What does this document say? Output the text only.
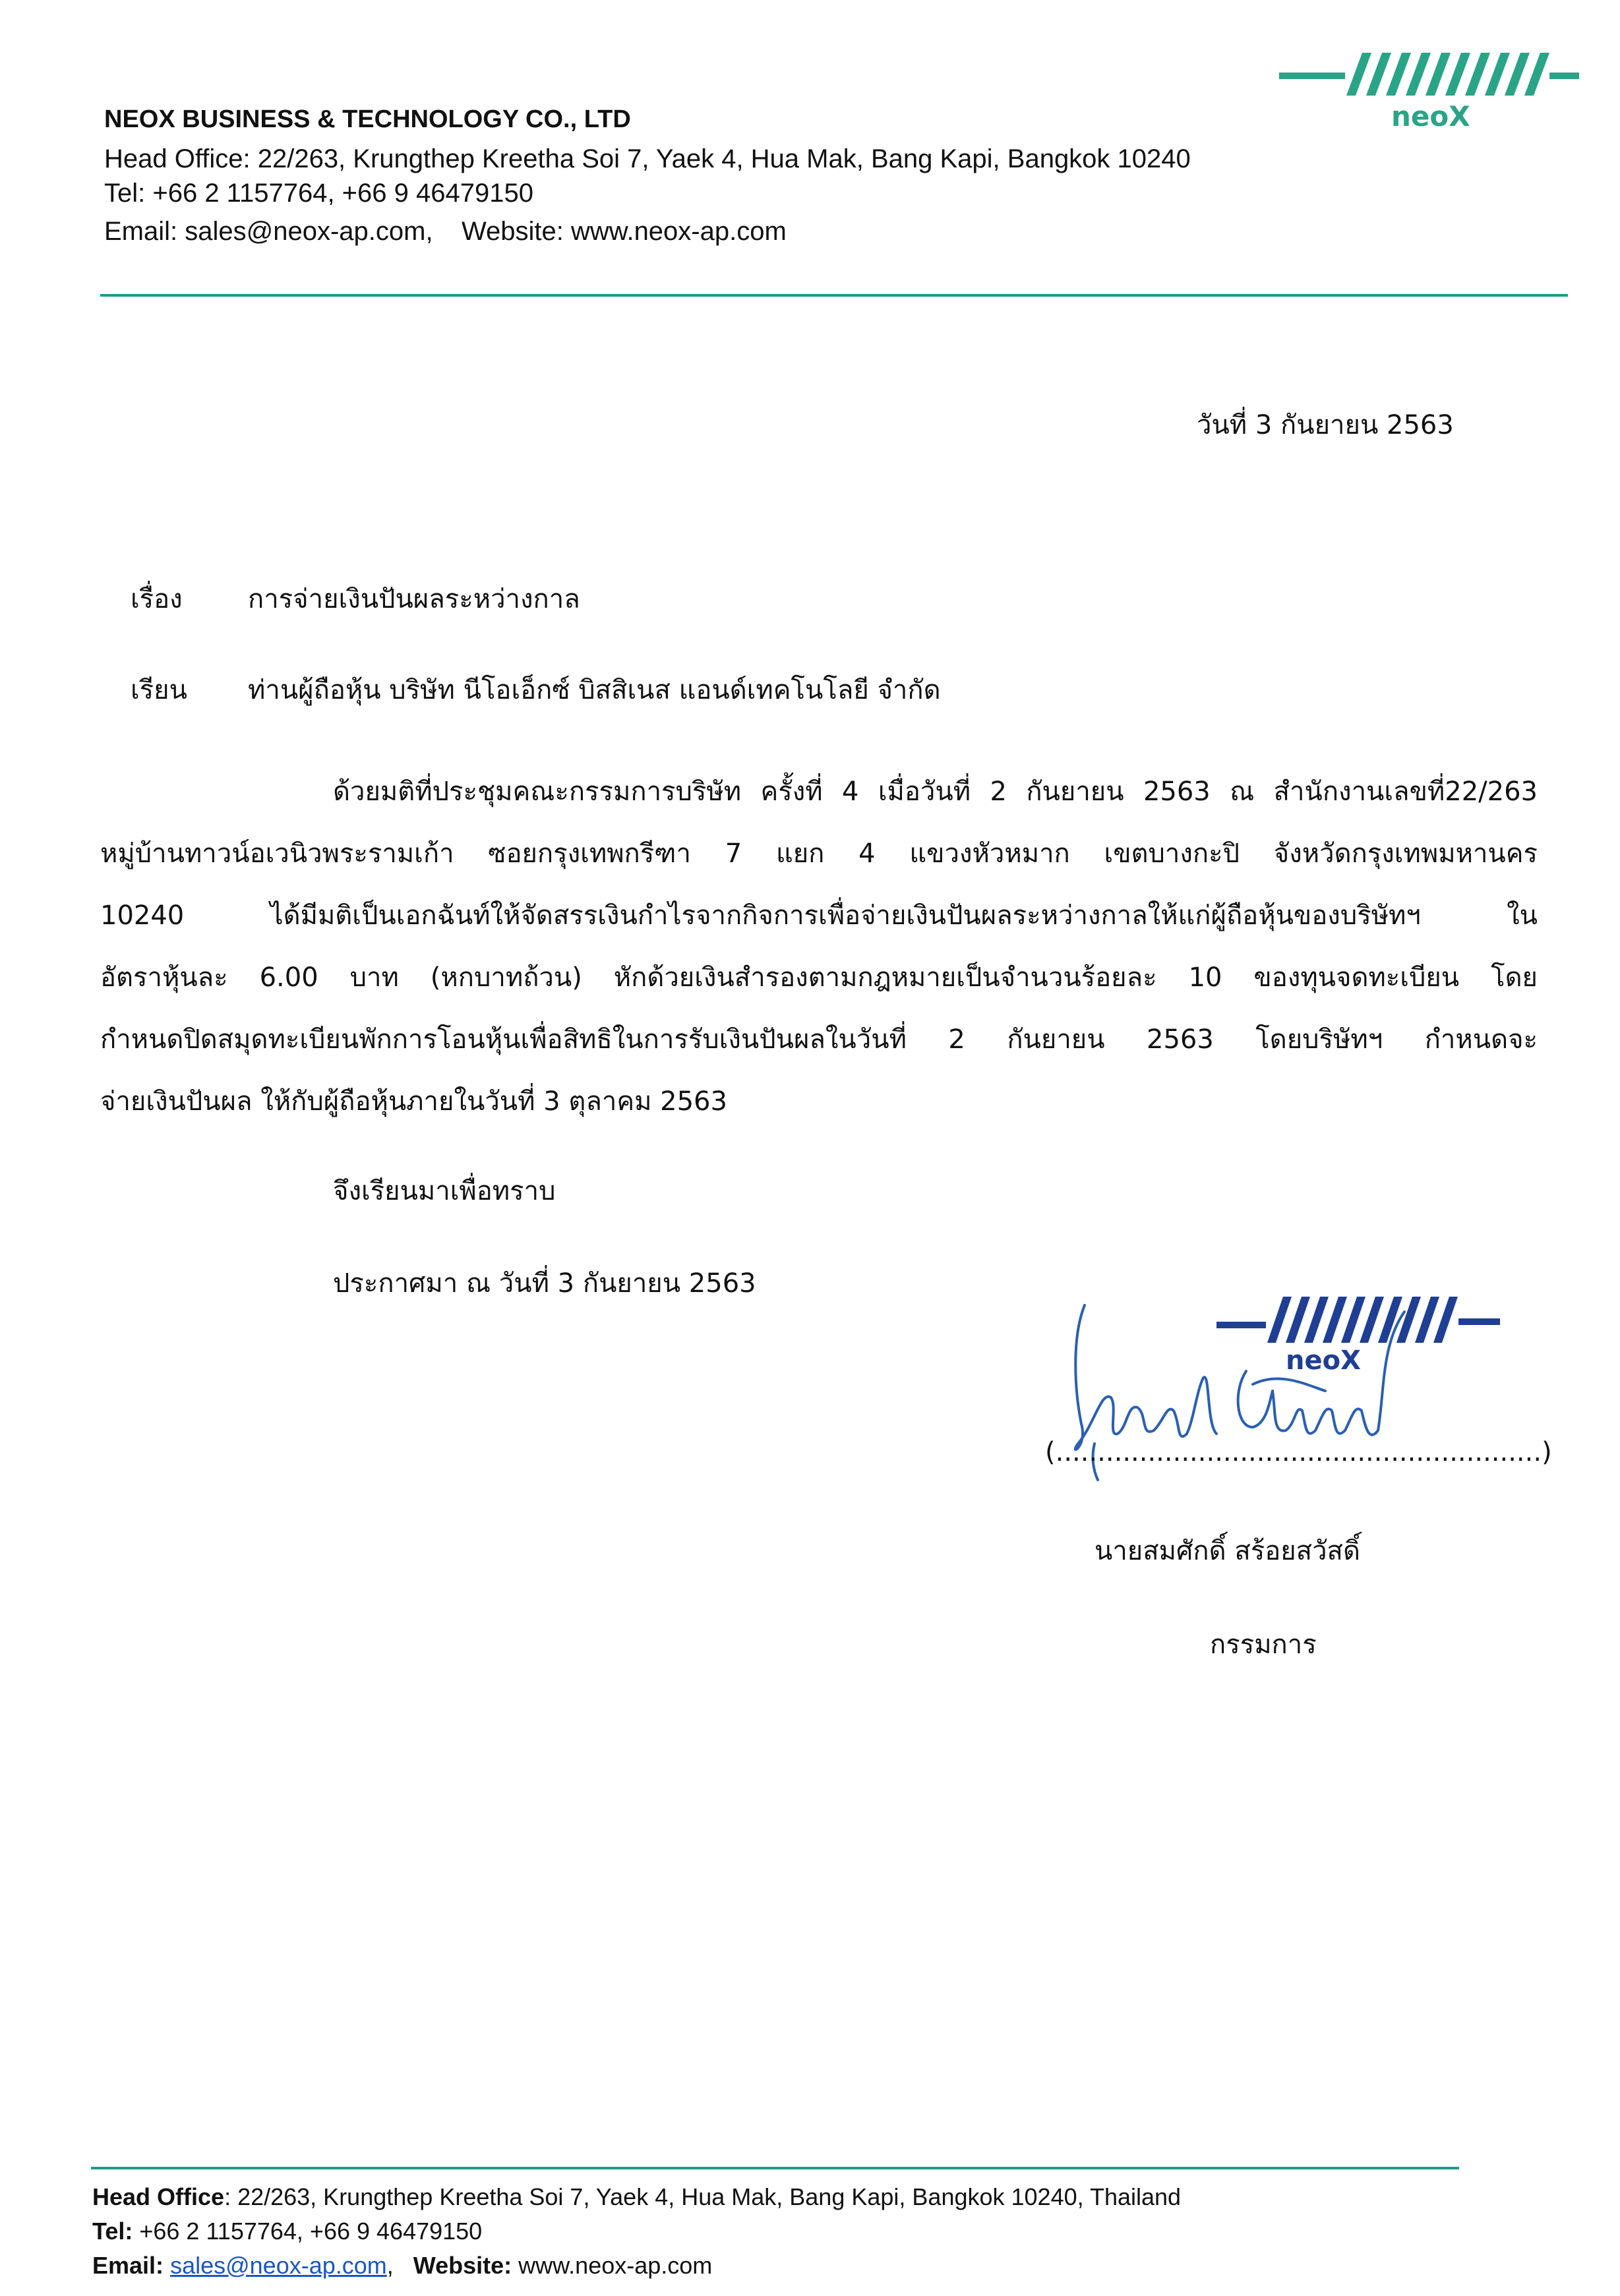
NEOX BUSINESS & TECHNOLOGY CO., LTD
Head Office: 22/263, Krungthep Kreetha Soi 7, Yaek 4, Hua Mak, Bang Kapi, Bangkok 10240
Tel: +66 2 1157764, +66 9 46479150
Email: sales@neox-ap.com, Website: www.neox-ap.com
neoX
วันที่ 3 กันยายน 2563
เรื่อง การจ่ายเงินปันผลระหว่างกาล
เรียน ท่านผู้ถือหุ้น บริษัท นีโอเอ็กซ์ บิสสิเนส แอนด์เทคโนโลยี จำกัด
ด้วยมติที่ประชุมคณะกรรมการบริษัท ครั้งที่ 4 เมื่อวันที่ 2 กันยายน 2563 ณ สำนักงานเลขที่22/263
หมู่บ้านทาวน์อเวนิวพระรามเก้า ซอยกรุงเทพกรีฑา 7 แยก 4 แขวงหัวหมาก เขตบางกะปิ จังหวัดกรุงเทพมหานคร
10240 ได้มีมติเป็นเอกฉันท์ให้จัดสรรเงินกำไรจากกิจการเพื่อจ่ายเงินปันผลระหว่างกาลให้แก่ผู้ถือหุ้นของบริษัทฯ ใน
อัตราหุ้นละ 6.00 บาท (หกบาทถ้วน) หักด้วยเงินสำรองตามกฎหมายเป็นจำนวนร้อยละ 10 ของทุนจดทะเบียน โดย
กำหนดปิดสมุดทะเบียนพักการโอนหุ้นเพื่อสิทธิในการรับเงินปันผลในวันที่ 2 กันยายน 2563 โดยบริษัทฯ กำหนดจะ
จ่ายเงินปันผล ให้กับผู้ถือหุ้นภายในวันที่ 3 ตุลาคม 2563
จึงเรียนมาเพื่อทราบ
ประกาศมา ณ วันที่ 3 กันยายน 2563
neoX
(..........................................................)
นายสมศักดิ์ สร้อยสวัสดิ์
กรรมการ
Head Office: 22/263, Krungthep Kreetha Soi 7, Yaek 4, Hua Mak, Bang Kapi, Bangkok 10240, Thailand
Tel: +66 2 1157764, +66 9 46479150
Email: sales@neox-ap.com,   Website: www.neox-ap.com
